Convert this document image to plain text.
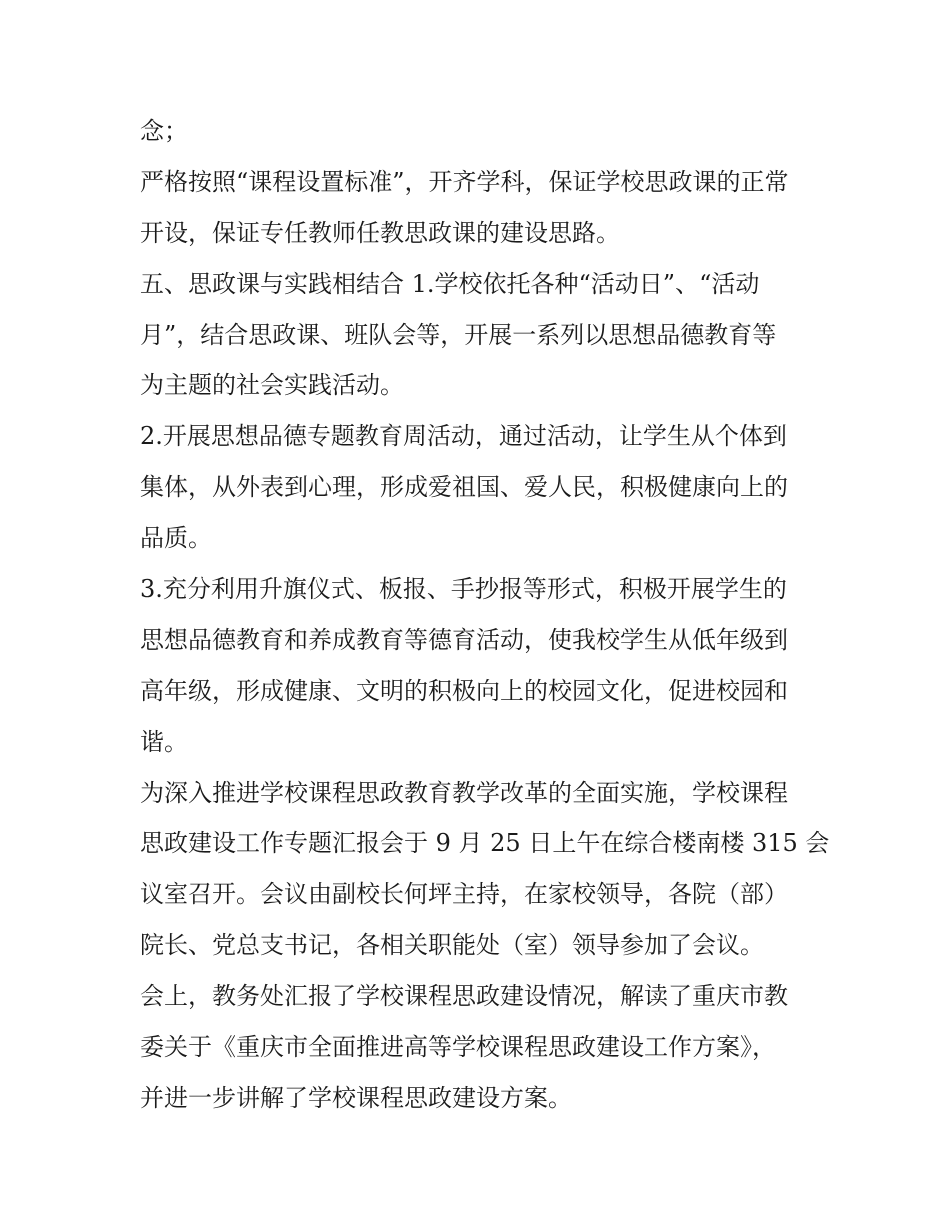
念；
严格按照“课程设置标准”，开齐学科，保证学校思政课的正常
开设，保证专任教师任教思政课的建设思路。
五、思政课与实践相结合 1.学校依托各种“活动日”、“活动
月”，结合思政课、班队会等，开展一系列以思想品德教育等
为主题的社会实践活动。
2.开展思想品德专题教育周活动，通过活动，让学生从个体到
集体，从外表到心理，形成爱祖国、爱人民，积极健康向上的
品质。
3.充分利用升旗仪式、板报、手抄报等形式，积极开展学生的
思想品德教育和养成教育等德育活动，使我校学生从低年级到
高年级，形成健康、文明的积极向上的校园文化，促进校园和
谐。
为深入推进学校课程思政教育教学改革的全面实施，学校课程
思政建设工作专题汇报会于 9 月 25 日上午在综合楼南楼 315 会
议室召开。会议由副校长何坪主持，在家校领导，各院（部）
院长、党总支书记，各相关职能处（室）领导参加了会议。
会上，教务处汇报了学校课程思政建设情况，解读了重庆市教
委关于《重庆市全面推进高等学校课程思政建设工作方案》，
并进一步讲解了学校课程思政建设方案。
